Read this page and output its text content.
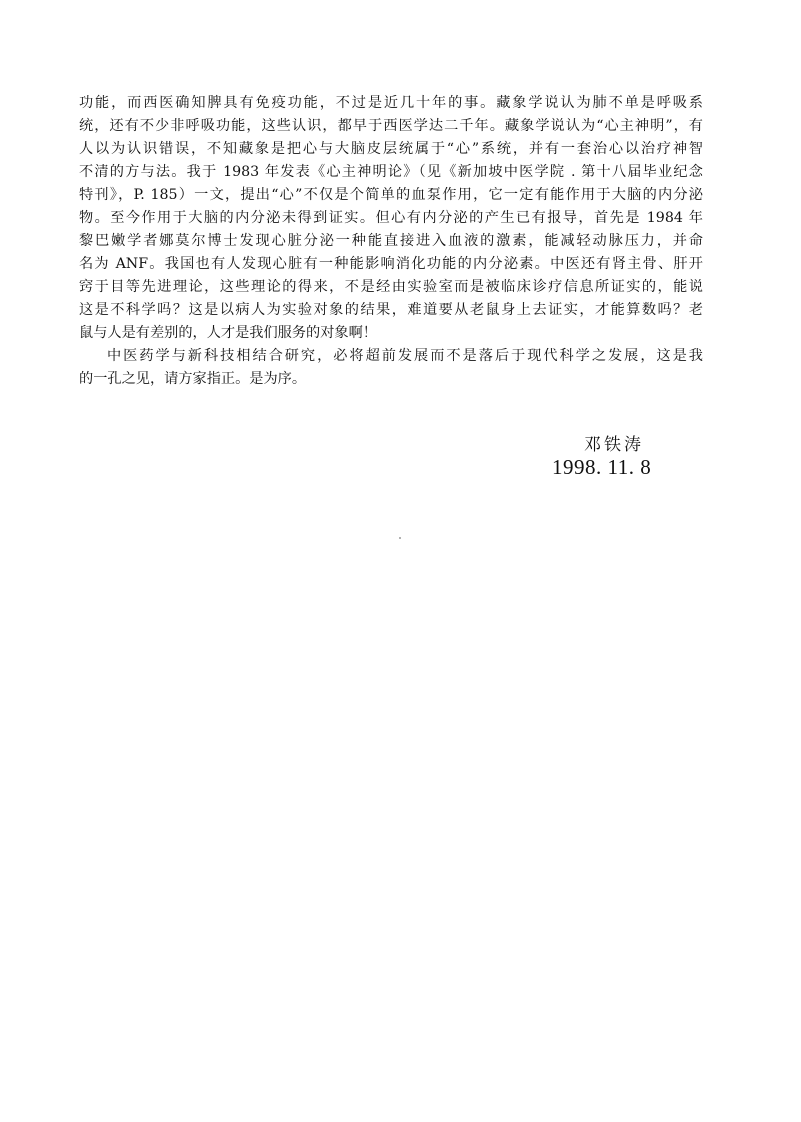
功能，而西医确知脾具有免疫功能，不过是近几十年的事。藏象学说认为肺不单是呼吸系
统，还有不少非呼吸功能，这些认识，都早于西医学达二千年。藏象学说认为“心主神明”，有
人以为认识错误，不知藏象是把心与大脑皮层统属于“心”系统，并有一套治心以治疗神智
不清的方与法。我于 1983 年发表《心主神明论》（见《新加坡中医学院 . 第十八届毕业纪念
特刊》，P. 185）一文，提出“心”不仅是个简单的血泵作用，它一定有能作用于大脑的内分泌
物。至今作用于大脑的内分泌未得到证实。但心有内分泌的产生已有报导，首先是 1984 年
黎巴嫩学者娜莫尔博士发现心脏分泌一种能直接进入血液的激素，能减轻动脉压力，并命
名为 ANF。我国也有人发现心脏有一种能影响消化功能的内分泌素。中医还有肾主骨、肝开
窍于目等先进理论，这些理论的得来，不是经由实验室而是被临床诊疗信息所证实的，能说
这是不科学吗？这是以病人为实验对象的结果，难道要从老鼠身上去证实，才能算数吗？老
鼠与人是有差别的，人才是我们服务的对象啊！
中医药学与新科技相结合研究，必将超前发展而不是落后于现代科学之发展，这是我
的一孔之见，请方家指正。是为序。
邓铁涛
1998. 11. 8
